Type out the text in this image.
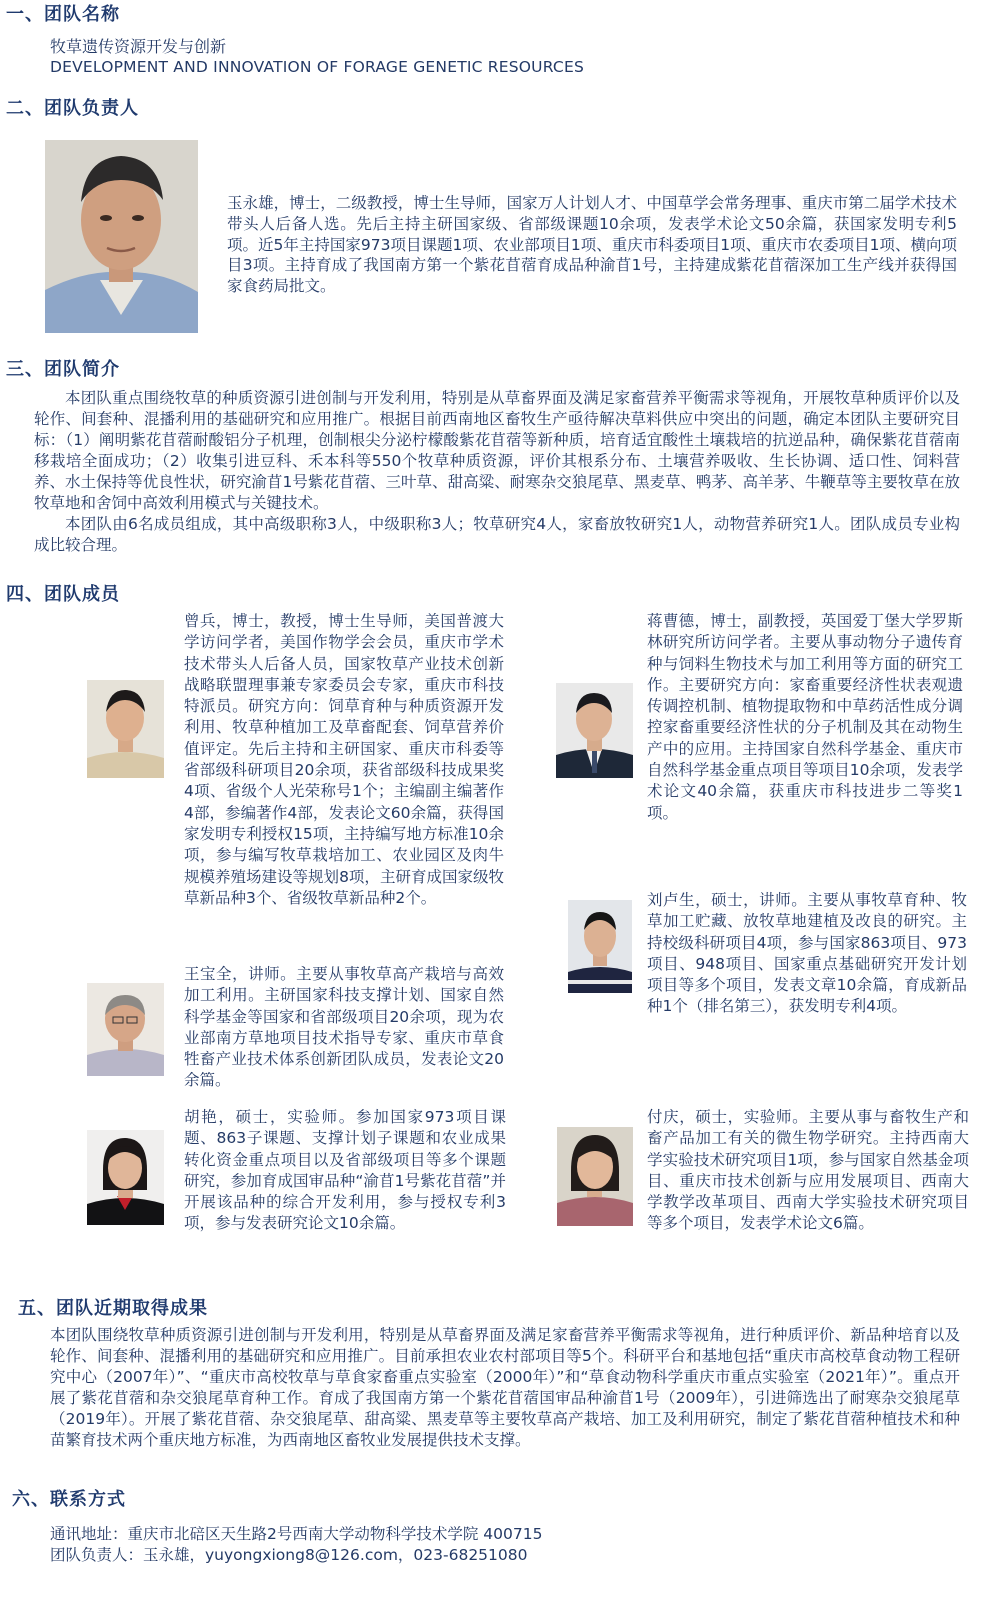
一、团队名称

牧草遗传资源开发与创新

DEVELOPMENT AND INNOVATION OF FORAGE GENETIC RESOURCES

二、团队负责人

玉永雄，博士，二级教授，博士生导师，国家万人计划人才、中国草学会常务理事、重庆市第二届学术技术带头人后备人选。先后主持主研国家级、省部级课题10余项，发表学术论文50余篇，获国家发明专利5项。近5年主持国家973项目课题1项、农业部项目1项、重庆市科委项目1项、重庆市农委项目1项、横向项目3项。主持育成了我国南方第一个紫花苜蓿育成品种渝苜1号，主持建成紫花苜蓿深加工生产线并获得国家食药局批文。

三、团队简介

本团队重点围绕牧草的种质资源引进创制与开发利用，特别是从草畜界面及满足家畜营养平衡需求等视角，开展牧草种质评价以及轮作、间套种、混播利用的基础研究和应用推广。根据目前西南地区畜牧生产亟待解决草料供应中突出的问题，确定本团队主要研究目标：（1）阐明紫花苜蓿耐酸铝分子机理，创制根尖分泌柠檬酸紫花苜蓿等新种质，培育适宜酸性土壤栽培的抗逆品种，确保紫花苜蓿南移栽培全面成功；（2）收集引进豆科、禾本科等550个牧草种质资源，评价其根系分布、土壤营养吸收、生长协调、适口性、饲料营养、水土保持等优良性状，研究渝苜1号紫花苜蓿、三叶草、甜高粱、耐寒杂交狼尾草、黑麦草、鸭茅、高羊茅、牛鞭草等主要牧草在放牧草地和舍饲中高效利用模式与关键技术。

本团队由6名成员组成，其中高级职称3人，中级职称3人；牧草研究4人，家畜放牧研究1人，动物营养研究1人。团队成员专业构成比较合理。

四、团队成员

曾兵，博士，教授，博士生导师，美国普渡大学访问学者，美国作物学会会员，重庆市学术技术带头人后备人员，国家牧草产业技术创新战略联盟理事兼专家委员会专家，重庆市科技特派员。研究方向：饲草育种与种质资源开发利用、牧草种植加工及草畜配套、饲草营养价值评定。先后主持和主研国家、重庆市科委等省部级科研项目20余项，获省部级科技成果奖4项、省级个人光荣称号1个；主编副主编著作4部，参编著作4部，发表论文60余篇，获得国家发明专利授权15项，主持编写地方标准10余项，参与编写牧草栽培加工、农业园区及肉牛规模养殖场建设等规划8项，主研育成国家级牧草新品种3个、省级牧草新品种2个。

蒋曹德，博士，副教授，英国爱丁堡大学罗斯林研究所访问学者。主要从事动物分子遗传育种与饲料生物技术与加工利用等方面的研究工作。主要研究方向：家畜重要经济性状表观遗传调控机制、植物提取物和中草药活性成分调控家畜重要经济性状的分子机制及其在动物生产中的应用。主持国家自然科学基金、重庆市自然科学基金重点项目等项目10余项，发表学术论文40余篇，获重庆市科技进步二等奖1项。

刘卢生，硕士，讲师。主要从事牧草育种、牧草加工贮藏、放牧草地建植及改良的研究。主持校级科研项目4项，参与国家863项目、973项目、948项目、国家重点基础研究开发计划项目等多个项目，发表文章10余篇，育成新品种1个（排名第三），获发明专利4项。

王宝全，讲师。主要从事牧草高产栽培与高效加工利用。主研国家科技支撑计划、国家自然科学基金等国家和省部级项目20余项，现为农业部南方草地项目技术指导专家、重庆市草食牲畜产业技术体系创新团队成员，发表论文20余篇。

胡艳，硕士，实验师。参加国家973项目课题、863子课题、支撑计划子课题和农业成果转化资金重点项目以及省部级项目等多个课题研究，参加育成国审品种“渝苜1号紫花苜蓿”并开展该品种的综合开发利用，参与授权专利3项，参与发表研究论文10余篇。

付庆，硕士，实验师。主要从事与畜牧生产和畜产品加工有关的微生物学研究。主持西南大学实验技术研究项目1项，参与国家自然基金项目、重庆市技术创新与应用发展项目、西南大学教学改革项目、西南大学实验技术研究项目等多个项目，发表学术论文6篇。

五、团队近期取得成果

本团队围绕牧草种质资源引进创制与开发利用，特别是从草畜界面及满足家畜营养平衡需求等视角，进行种质评价、新品种培育以及轮作、间套种、混播利用的基础研究和应用推广。目前承担农业农村部项目等5个。科研平台和基地包括“重庆市高校草食动物工程研究中心（2007年）”、“重庆市高校牧草与草食家畜重点实验室（2000年）”和“草食动物科学重庆市重点实验室（2021年）”。重点开展了紫花苜蓿和杂交狼尾草育种工作。育成了我国南方第一个紫花苜蓿国审品种渝苜1号（2009年），引进筛选出了耐寒杂交狼尾草（2019年）。开展了紫花苜蓿、杂交狼尾草、甜高粱、黑麦草等主要牧草高产栽培、加工及利用研究，制定了紫花苜蓿种植技术和种苗繁育技术两个重庆地方标准，为西南地区畜牧业发展提供技术支撑。

六、联系方式

通讯地址：重庆市北碚区天生路2号西南大学动物科学技术学院 400715

团队负责人：玉永雄，yuyongxiong8@126.com，023-68251080
